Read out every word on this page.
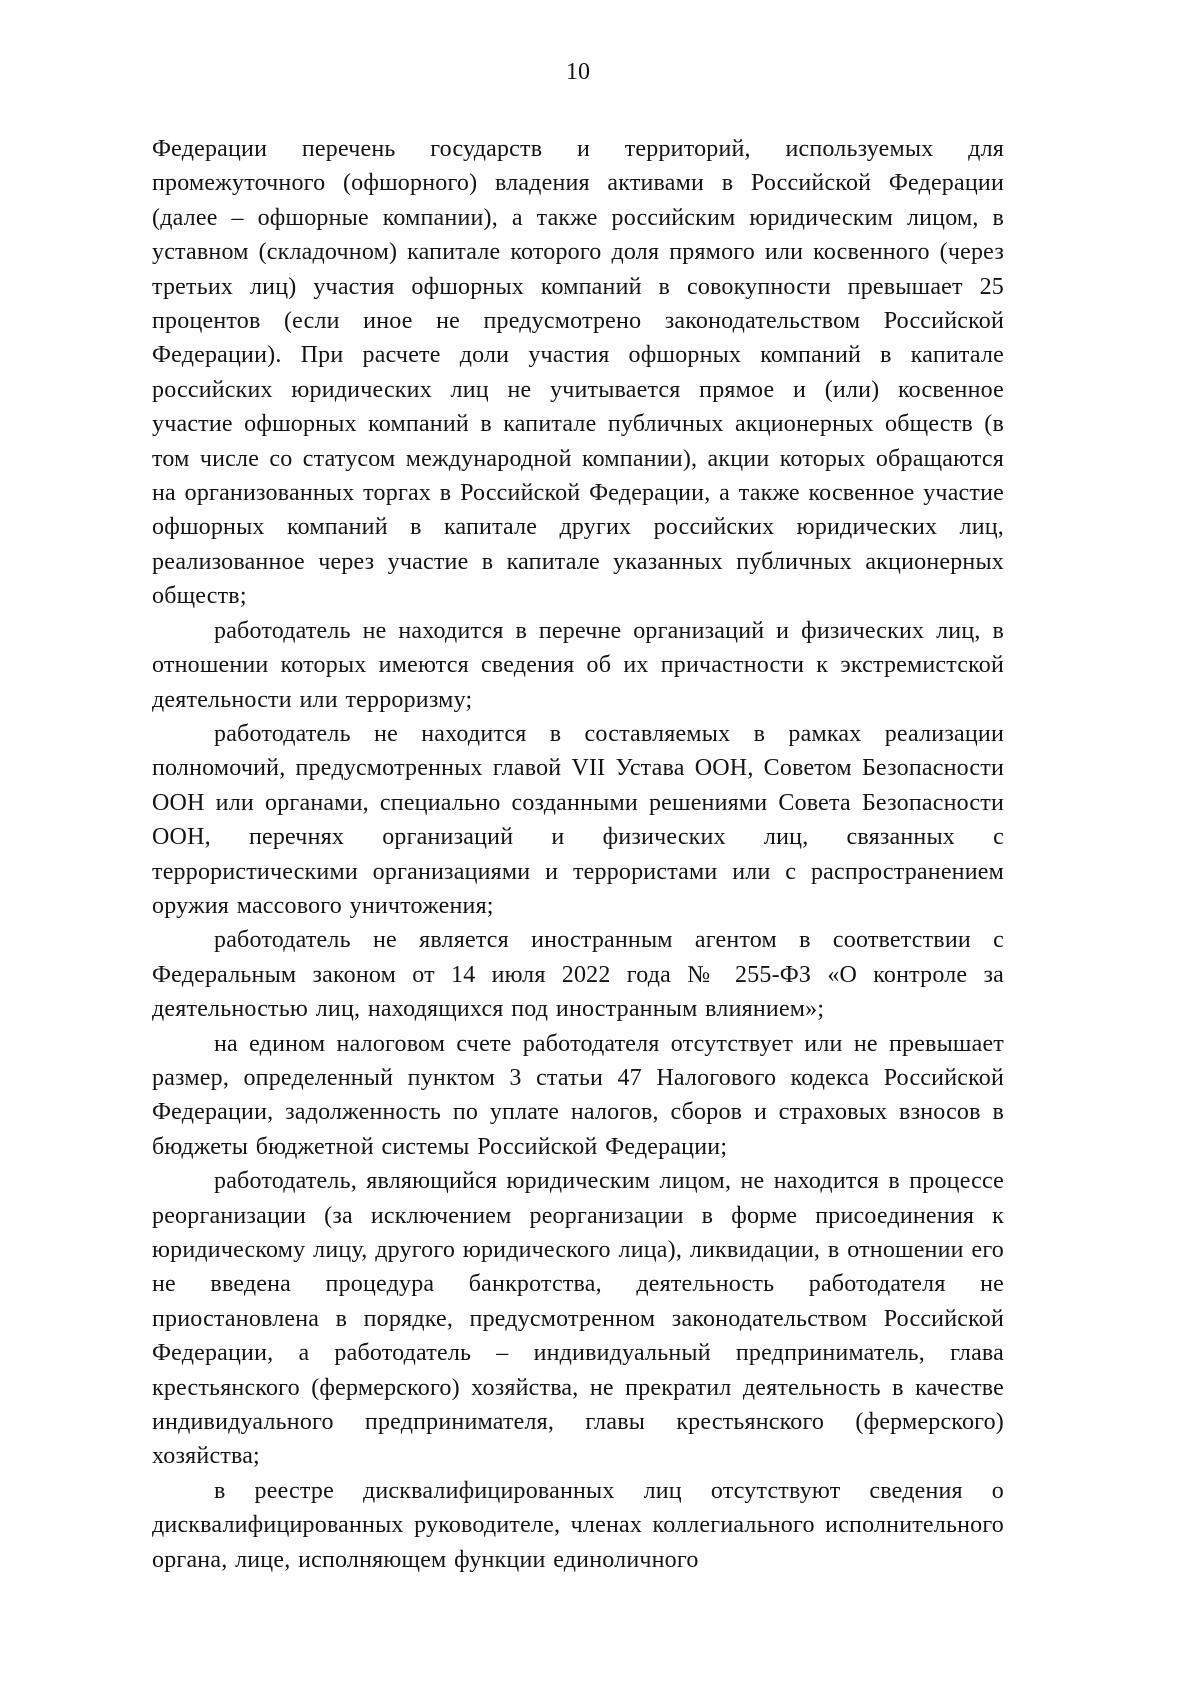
10

Федерации перечень государств и территорий, используемых для промежуточного (офшорного) владения активами в Российской Федерации (далее – офшорные компании), а также российским юридическим лицом, в уставном (складочном) капитале которого доля прямого или косвенного (через третьих лиц) участия офшорных компаний в совокупности превышает 25 процентов (если иное не предусмотрено законодательством Российской Федерации). При расчете доли участия офшорных компаний в капитале российских юридических лиц не учитывается прямое и (или) косвенное участие офшорных компаний в капитале публичных акционерных обществ (в том числе со статусом международной компании), акции которых обращаются на организованных торгах в Российской Федерации, а также косвенное участие офшорных компаний в капитале других российских юридических лиц, реализованное через участие в капитале указанных публичных акционерных обществ;

работодатель не находится в перечне организаций и физических лиц, в отношении которых имеются сведения об их причастности к экстремистской деятельности или терроризму;

работодатель не находится в составляемых в рамках реализации полномочий, предусмотренных главой VII Устава ООН, Советом Безопасности ООН или органами, специально созданными решениями Совета Безопасности ООН, перечнях организаций и физических лиц, связанных с террористическими организациями и террористами или с распространением оружия массового уничтожения;

работодатель не является иностранным агентом в соответствии с Федеральным законом от 14 июля 2022 года № 255-ФЗ «О контроле за деятельностью лиц, находящихся под иностранным влиянием»;

на едином налоговом счете работодателя отсутствует или не превышает размер, определенный пунктом 3 статьи 47 Налогового кодекса Российской Федерации, задолженность по уплате налогов, сборов и страховых взносов в бюджеты бюджетной системы Российской Федерации;

работодатель, являющийся юридическим лицом, не находится в процессе реорганизации (за исключением реорганизации в форме присоединения к юридическому лицу, другого юридического лица), ликвидации, в отношении его не введена процедура банкротства, деятельность работодателя не приостановлена в порядке, предусмотренном законодательством Российской Федерации, а работодатель – индивидуальный предприниматель, глава крестьянского (фермерского) хозяйства, не прекратил деятельность в качестве индивидуального предпринимателя, главы крестьянского (фермерского) хозяйства;

в реестре дисквалифицированных лиц отсутствуют сведения о дисквалифицированных руководителе, членах коллегиального исполнительного органа, лице, исполняющем функции единоличного
